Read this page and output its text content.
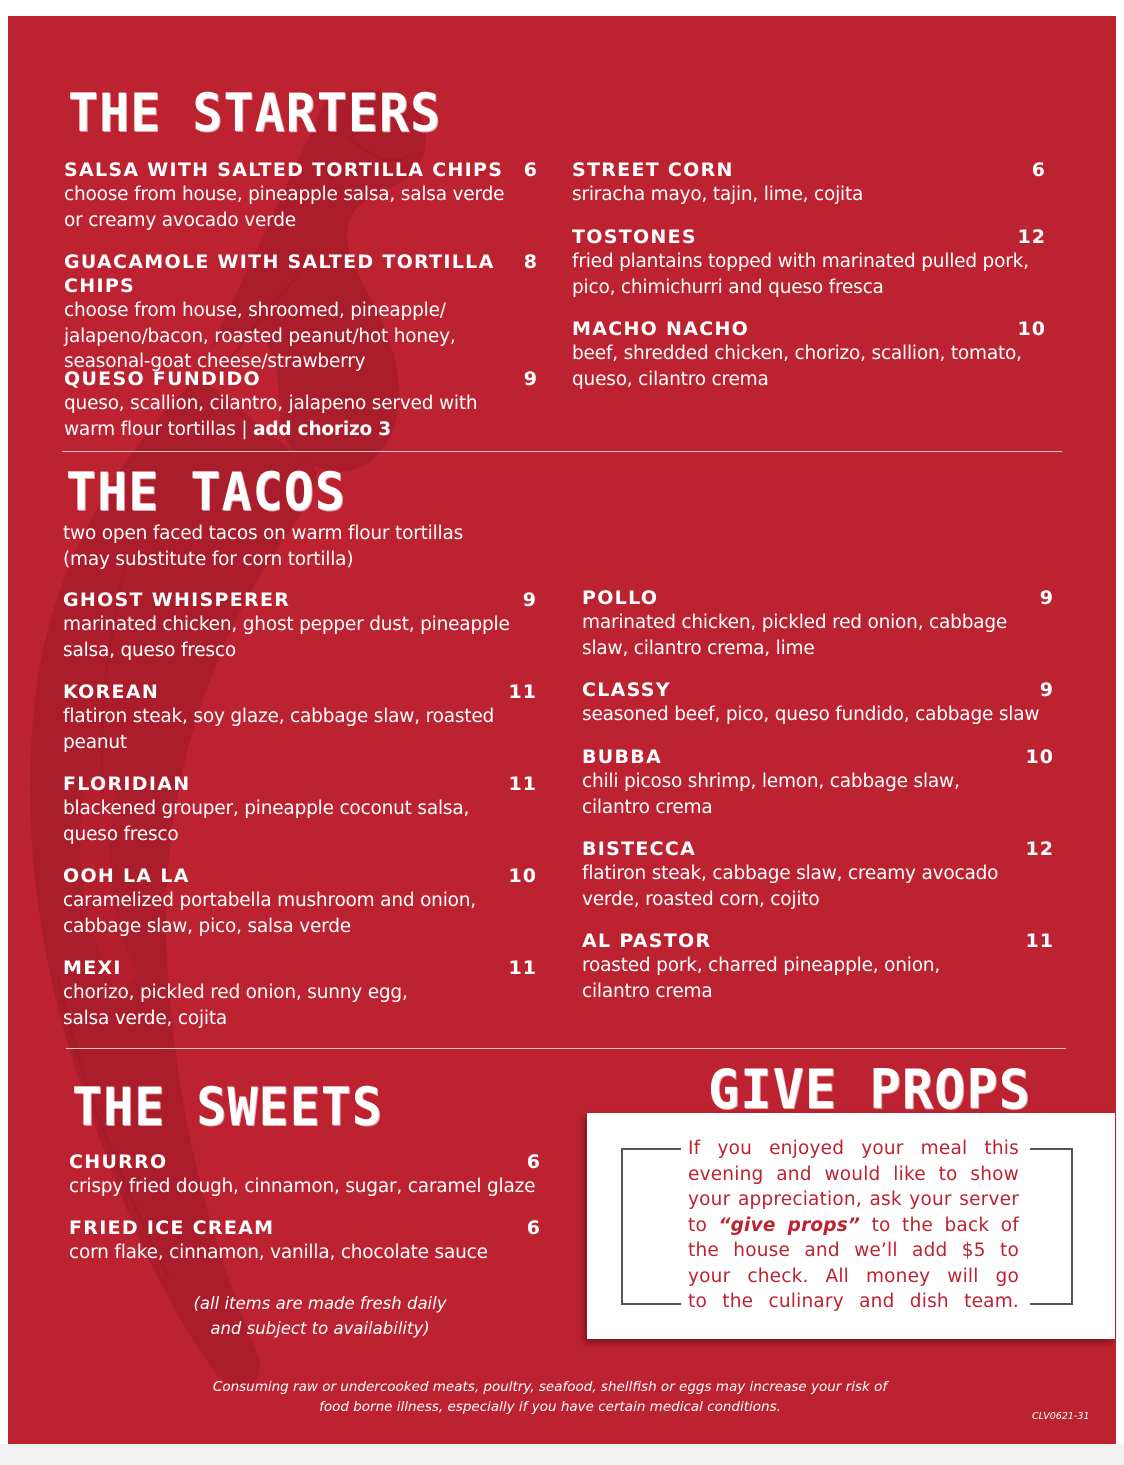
THE STARTERS
SALSA WITH SALTED TORTILLA CHIPS 6
choose from house, pineapple salsa, salsa verde
or creamy avocado verde
GUACAMOLE WITH SALTED TORTILLA CHIPS
8
choose from house, shroomed, pineapple/
jalapeno/bacon, roasted peanut/hot honey,
seasonal-goat cheese/strawberry
QUESO FUNDIDO	9
queso, scallion, cilantro, jalapeno served with
warm flour tortillas | add chorizo 3
STREET CORN	6
sriracha mayo, tajin, lime, cojita
TOSTONES	12
fried plantains topped with marinated pulled pork,
pico, chimichurri and queso fresca
MACHO NACHO	10
beef, shredded chicken, chorizo, scallion, tomato,
queso, cilantro crema
THE TACOS
two open faced tacos on warm flour tortillas
(may substitute for corn tortilla)
GHOST WHISPERER	9
marinated chicken, ghost pepper dust, pineapple
salsa, queso fresco
KOREAN	11
flatiron steak, soy glaze, cabbage slaw, roasted
peanut
FLORIDIAN	11
blackened grouper, pineapple coconut salsa,
queso fresco
OOH LA LA	10
caramelized portabella mushroom and onion,
cabbage slaw, pico, salsa verde
MEXI	11
chorizo, pickled red onion, sunny egg,
salsa verde, cojita
POLLO	9
marinated chicken, pickled red onion, cabbage
slaw, cilantro crema, lime
CLASSY	9
seasoned beef, pico, queso fundido, cabbage slaw
BUBBA	10
chili picoso shrimp, lemon, cabbage slaw,
cilantro crema
BISTECCA	12
flatiron steak, cabbage slaw, creamy avocado
verde, roasted corn, cojito
AL PASTOR	11
roasted pork, charred pineapple, onion,
cilantro crema
THE SWEETS
CHURRO	6
crispy fried dough, cinnamon, sugar, caramel glaze
FRIED ICE CREAM	6
corn flake, cinnamon, vanilla, chocolate sauce
(all items are made fresh daily
and subject to availability)
GIVE PROPS
If you enjoyed your meal this
evening and would like to show
your appreciation, ask your server
to “give props” to the back of
the house and we’ll add $5 to
your check. All money will go
to the culinary and dish team.
Consuming raw or undercooked meats, poultry, seafood, shellfish or eggs may increase your risk of
food borne illness, especially if you have certain medical conditions.
CLV0621-31
